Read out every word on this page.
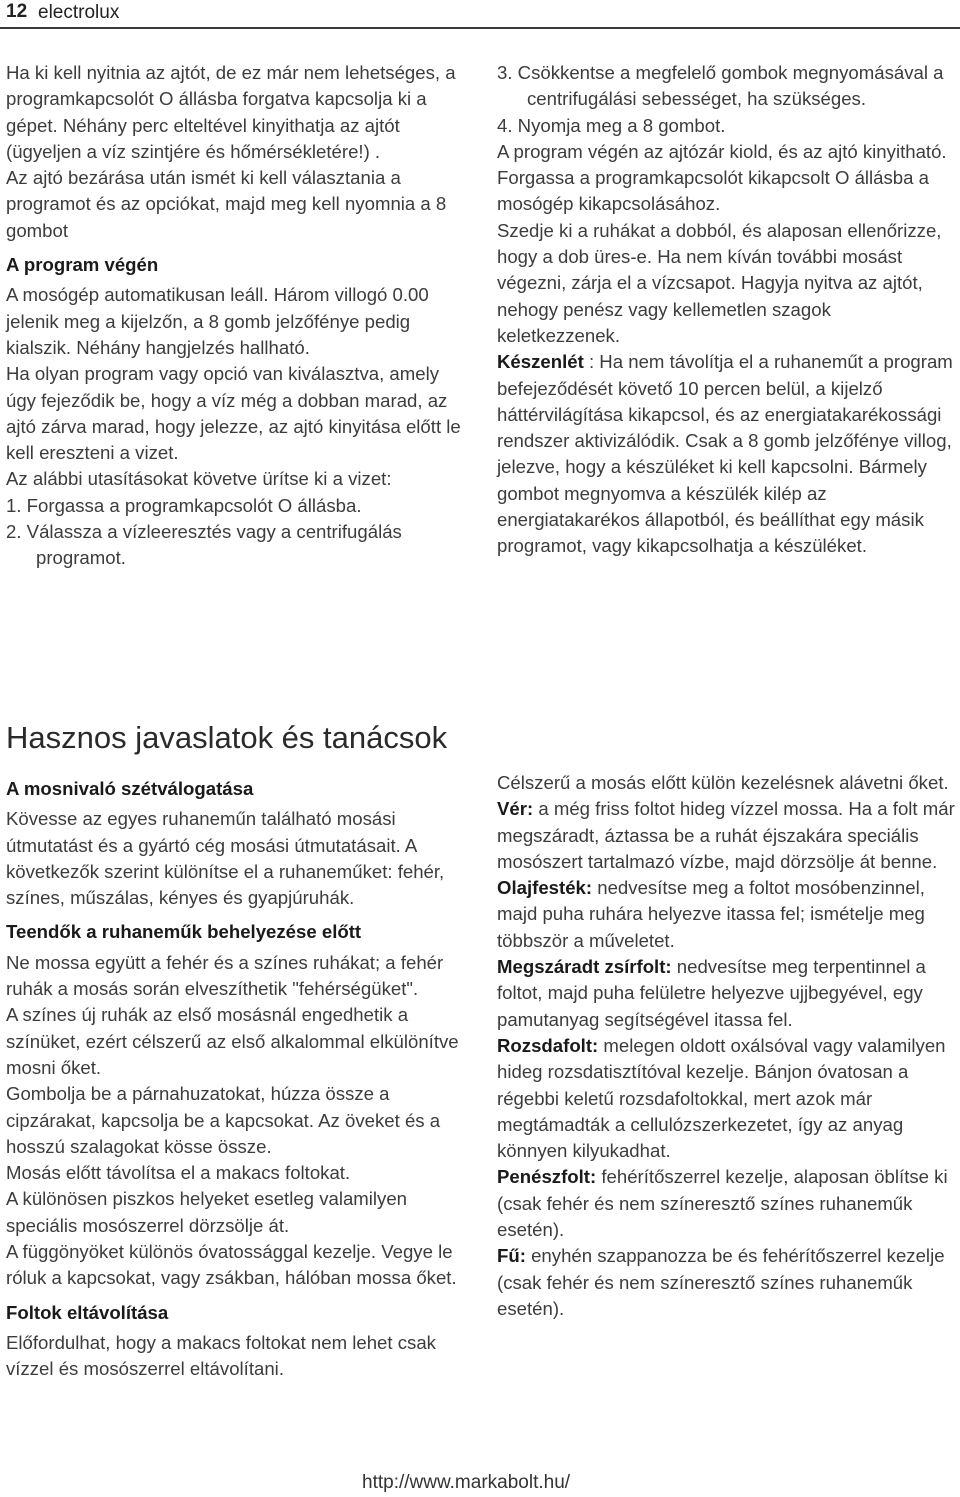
12 electrolux

Ha ki kell nyitnia az ajtót, de ez már nem lehetséges, a programkapcsolót O állásba forgatva kapcsolja ki a gépet. Néhány perc elteltével kinyithatja az ajtót (ügyeljen a víz szintjére és hőmérsékletére!) .

Az ajtó bezárása után ismét ki kell választania a programot és az opciókat, majd meg kell nyomnia a 8 gombot

A program végén

A mosógép automatikusan leáll. Három villogó 0.00 jelenik meg a kijelzőn, a 8 gomb jelzőfénye pedig kialszik. Néhány hangjelzés hallható.

Ha olyan program vagy opció van kiválasztva, amely úgy fejeződik be, hogy a víz még a dobban marad, az ajtó zárva marad, hogy jelezze, az ajtó kinyitása előtt le kell ereszteni a vizet.

Az alábbi utasításokat követve ürítse ki a vizet:

1. Forgassa a programkapcsolót O állásba.

2. Válassza a vízleeresztés vagy a centrifugálás programot.

3. Csökkentse a megfelelő gombok megnyomásával a centrifugálási sebességet, ha szükséges.

4. Nyomja meg a 8 gombot.

A program végén az ajtózár kiold, és az ajtó kinyitható. Forgassa a programkapcsolót kikapcsolt O állásba a mosógép kikapcsolásához.

Szedje ki a ruhákat a dobból, és alaposan ellenőrizze, hogy a dob üres-e. Ha nem kíván további mosást végezni, zárja el a vízcsapot. Hagyja nyitva az ajtót, nehogy penész vagy kellemetlen szagok keletkezzenek.

Készenlét : Ha nem távolítja el a ruhaneműt a program befejeződését követő 10 percen belül, a kijelző háttérvilágítása kikapcsol, és az energiatakarékossági rendszer aktivizálódik. Csak a 8 gomb jelzőfénye villog, jelezve, hogy a készüléket ki kell kapcsolni. Bármely gombot megnyomva a készülék kilép az energiatakarékos állapotból, és beállíthat egy másik programot, vagy kikapcsolhatja a készüléket.

Hasznos javaslatok és tanácsok

A mosnivaló szétválogatása

Kövesse az egyes ruhaneműn található mosási útmutatást és a gyártó cég mosási útmutatásait. A következők szerint különítse el a ruhaneműket: fehér, színes, műszálas, kényes és gyapjúruhák.

Teendők a ruhaneműk behelyezése előtt

Ne mossa együtt a fehér és a színes ruhákat; a fehér ruhák a mosás során elveszíthetik "fehérségüket".

A színes új ruhák az első mosásnál engedhetik a színüket, ezért célszerű az első alkalommal elkülönítve mosni őket.

Gombolja be a párnahuzatokat, húzza össze a cipzárakat, kapcsolja be a kapcsokat. Az öveket és a hosszú szalagokat kösse össze.

Mosás előtt távolítsa el a makacs foltokat.

A különösen piszkos helyeket esetleg valamilyen speciális mosószerrel dörzsölje át.

A függönyöket különös óvatossággal kezelje. Vegye le róluk a kapcsokat, vagy zsákban, hálóban mossa őket.

Foltok eltávolítása

Előfordulhat, hogy a makacs foltokat nem lehet csak vízzel és mosószerrel eltávolítani.

Célszerű a mosás előtt külön kezelésnek alávetni őket.

Vér: a még friss foltot hideg vízzel mossa. Ha a folt már megszáradt, áztassa be a ruhát éjszakára speciális mosószert tartalmazó vízbe, majd dörzsölje át benne.

Olajfesték: nedvesítse meg a foltot mosóbenzinnel, majd puha ruhára helyezve itassa fel; ismételje meg többször a műveletet.

Megszáradt zsírfolt: nedvesítse meg terpentinnel a foltot, majd puha felületre helyezve ujjbegyével, egy pamutanyag segítségével itassa fel.

Rozsdafolt: melegen oldott oxálsóval vagy valamilyen hideg rozsdatisztítóval kezelje. Bánjon óvatosan a régebbi keletű rozsdafoltokkal, mert azok már megtámadták a cellulózszerkezetet, így az anyag könnyen kilyukadhat.

Penészfolt: fehérítőszerrel kezelje, alaposan öblítse ki (csak fehér és nem színeresztő színes ruhaneműk esetén).

Fű: enyhén szappanozza be és fehérítőszerrel kezelje (csak fehér és nem színeresztő színes ruhaneműk esetén).

http://www.markabolt.hu/
